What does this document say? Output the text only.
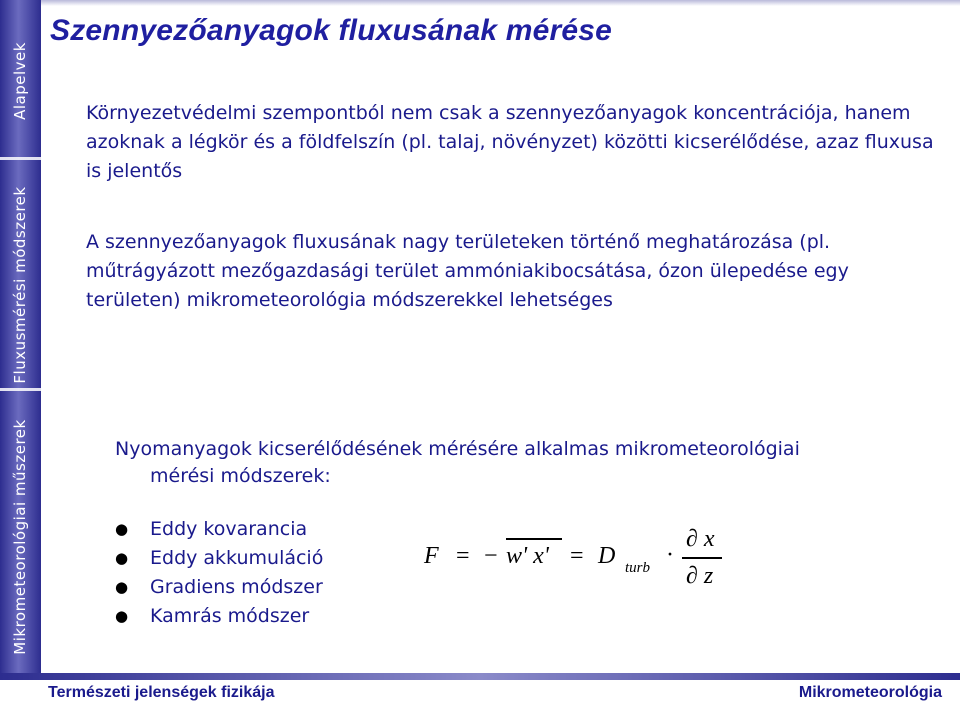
Alapelvek
Fluxusmérési módszerek
Mikrometeorológiai műszerek
Szennyezőanyagok fluxusának mérése
Környezetvédelmi szempontból nem csak a szennyezőanyagok koncentrációja, hanem azoknak a légkör és a földfelszín (pl. talaj, növényzet) közötti kicserélődése, azaz fluxusa is jelentős
A szennyezőanyagok fluxusának nagy területeken történő meghatározása (pl. műtrágyázott mezőgazdasági terület ammóniakibocsátása, ózon ülepedése egy területen) mikrometeorológia módszerekkel lehetséges
Nyomanyagok kicserélődésének mérésére alkalmas mikrometeorológiai
mérési módszerek:
● Eddy kovarancia
● Eddy akkumuláció
● Gradiens módszer
● Kamrás módszer
F = − w' x' = D turb ·
∂ x
∂ z
Természeti jelenségek fizikája	Mikrometeorológia
